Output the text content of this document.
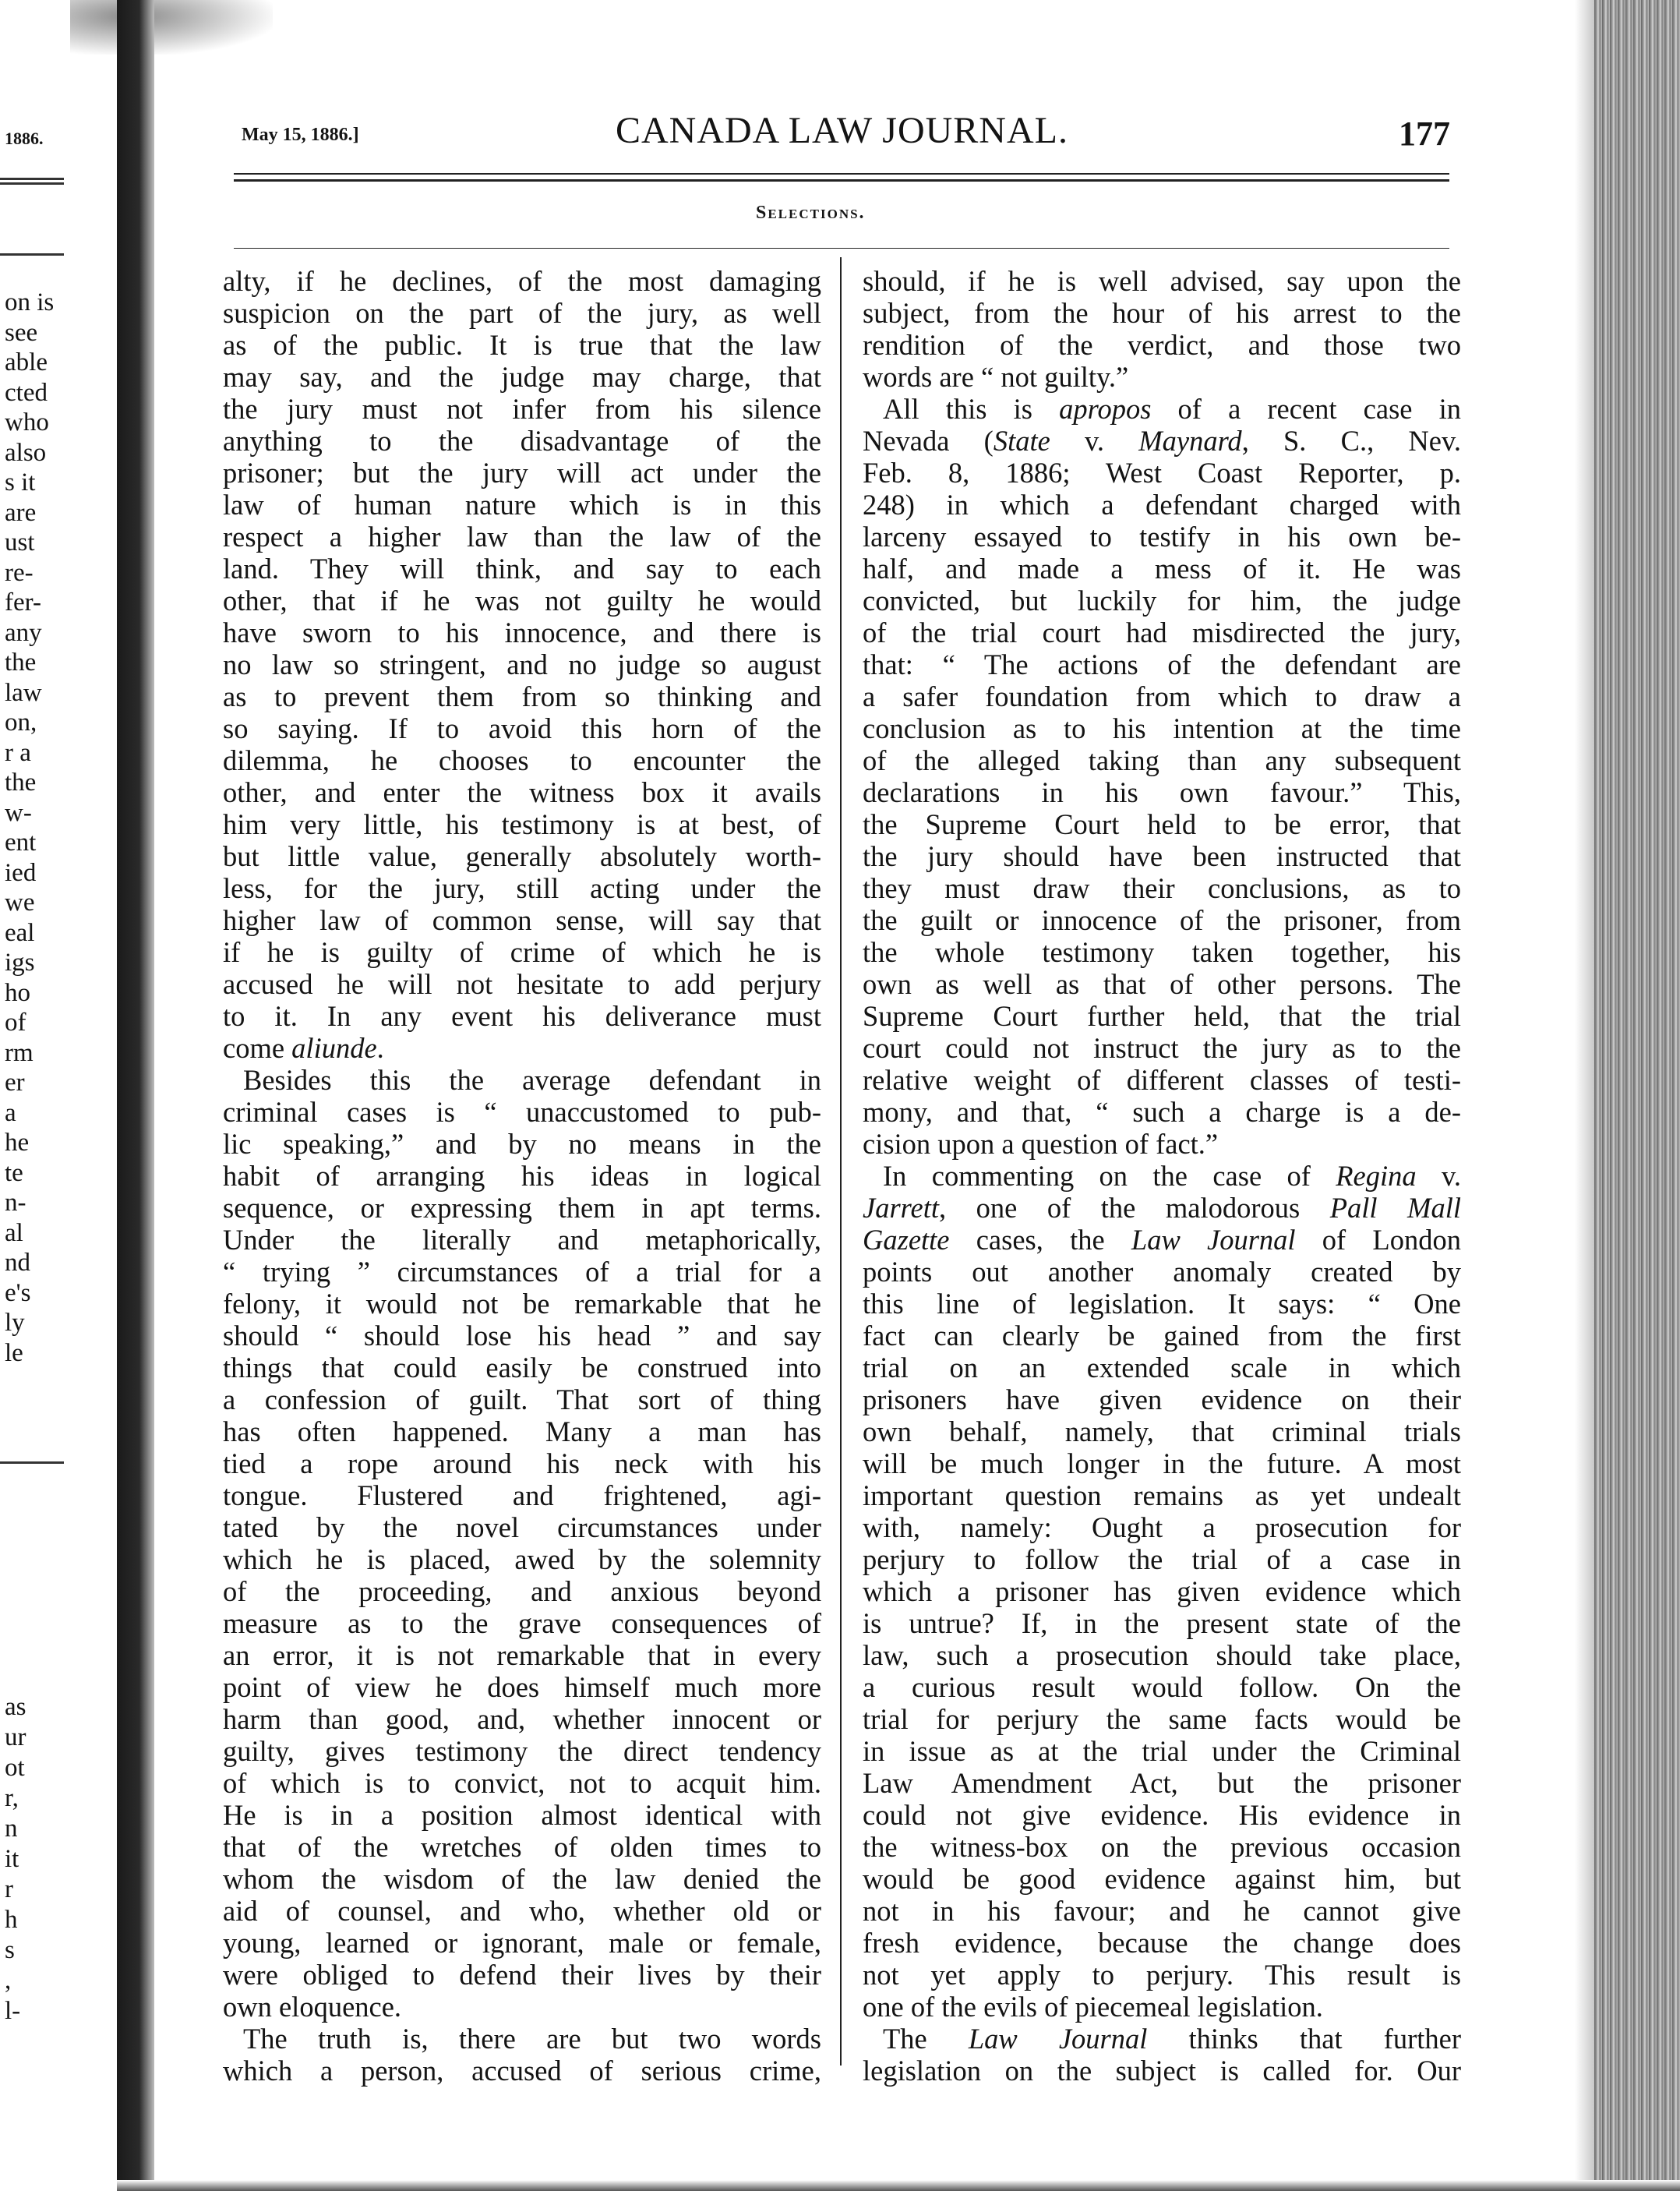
1886.
on is
see
able
cted
who
also
s it
are
ust
re-
fer-
any
the
law
on,
r a
the
w-
ent
ied
we
eal
igs
ho
of
rm
er
a
he
te
n-
al
nd
e's
ly
le
as
ur
ot
r,
n
it
r
h
s
,
l-
May 15, 1886.]	CANADA LAW JOURNAL.	177
Selections.
alty, if he declines, of the most damaging
suspicion on the part of the jury, as well
as of the public. It is true that the law
may say, and the judge may charge, that
the jury must not infer from his silence
anything to the disadvantage of the
prisoner; but the jury will act under the
law of human nature which is in this
respect a higher law than the law of the
land. They will think, and say to each
other, that if he was not guilty he would
have sworn to his innocence, and there is
no law so stringent, and no judge so august
as to prevent them from so thinking and
so saying. If to avoid this horn of the
dilemma, he chooses to encounter the
other, and enter the witness box it avails
him very little, his testimony is at best, of
but little value, generally absolutely worth-
less, for the jury, still acting under the
higher law of common sense, will say that
if he is guilty of crime of which he is
accused he will not hesitate to add perjury
to it. In any event his deliverance must
come aliunde.
Besides this the average defendant in
criminal cases is “ unaccustomed to pub-
lic speaking,” and by no means in the
habit of arranging his ideas in logical
sequence, or expressing them in apt terms.
Under the literally and metaphorically,
“ trying ” circumstances of a trial for a
felony, it would not be remarkable that he
should “ should lose his head ” and say
things that could easily be construed into
a confession of guilt. That sort of thing
has often happened. Many a man has
tied a rope around his neck with his
tongue. Flustered and frightened, agi-
tated by the novel circumstances under
which he is placed, awed by the solemnity
of the proceeding, and anxious beyond
measure as to the grave consequences of
an error, it is not remarkable that in every
point of view he does himself much more
harm than good, and, whether innocent or
guilty, gives testimony the direct tendency
of which is to convict, not to acquit him.
He is in a position almost identical with
that of the wretches of olden times to
whom the wisdom of the law denied the
aid of counsel, and who, whether old or
young, learned or ignorant, male or female,
were obliged to defend their lives by their
own eloquence.
The truth is, there are but two words
which a person, accused of serious crime,
should, if he is well advised, say upon the
subject, from the hour of his arrest to the
rendition of the verdict, and those two
words are “ not guilty.”
All this is apropos of a recent case in
Nevada (State v. Maynard, S. C., Nev.
Feb. 8, 1886; West Coast Reporter, p.
248) in which a defendant charged with
larceny essayed to testify in his own be-
half, and made a mess of it. He was
convicted, but luckily for him, the judge
of the trial court had misdirected the jury,
that: “ The actions of the defendant are
a safer foundation from which to draw a
conclusion as to his intention at the time
of the alleged taking than any subsequent
declarations in his own favour.” This,
the Supreme Court held to be error, that
the jury should have been instructed that
they must draw their conclusions, as to
the guilt or innocence of the prisoner, from
the whole testimony taken together, his
own as well as that of other persons. The
Supreme Court further held, that the trial
court could not instruct the jury as to the
relative weight of different classes of testi-
mony, and that, “ such a charge is a de-
cision upon a question of fact.”
In commenting on the case of Regina v.
Jarrett, one of the malodorous Pall Mall
Gazette cases, the Law Journal of London
points out another anomaly created by
this line of legislation. It says: “ One
fact can clearly be gained from the first
trial on an extended scale in which
prisoners have given evidence on their
own behalf, namely, that criminal trials
will be much longer in the future. A most
important question remains as yet undealt
with, namely: Ought a prosecution for
perjury to follow the trial of a case in
which a prisoner has given evidence which
is untrue? If, in the present state of the
law, such a prosecution should take place,
a curious result would follow. On the
trial for perjury the same facts would be
in issue as at the trial under the Criminal
Law Amendment Act, but the prisoner
could not give evidence. His evidence in
the witness-box on the previous occasion
would be good evidence against him, but
not in his favour; and he cannot give
fresh evidence, because the change does
not yet apply to perjury. This result is
one of the evils of piecemeal legislation.
The Law Journal thinks that further
legislation on the subject is called for. Our
